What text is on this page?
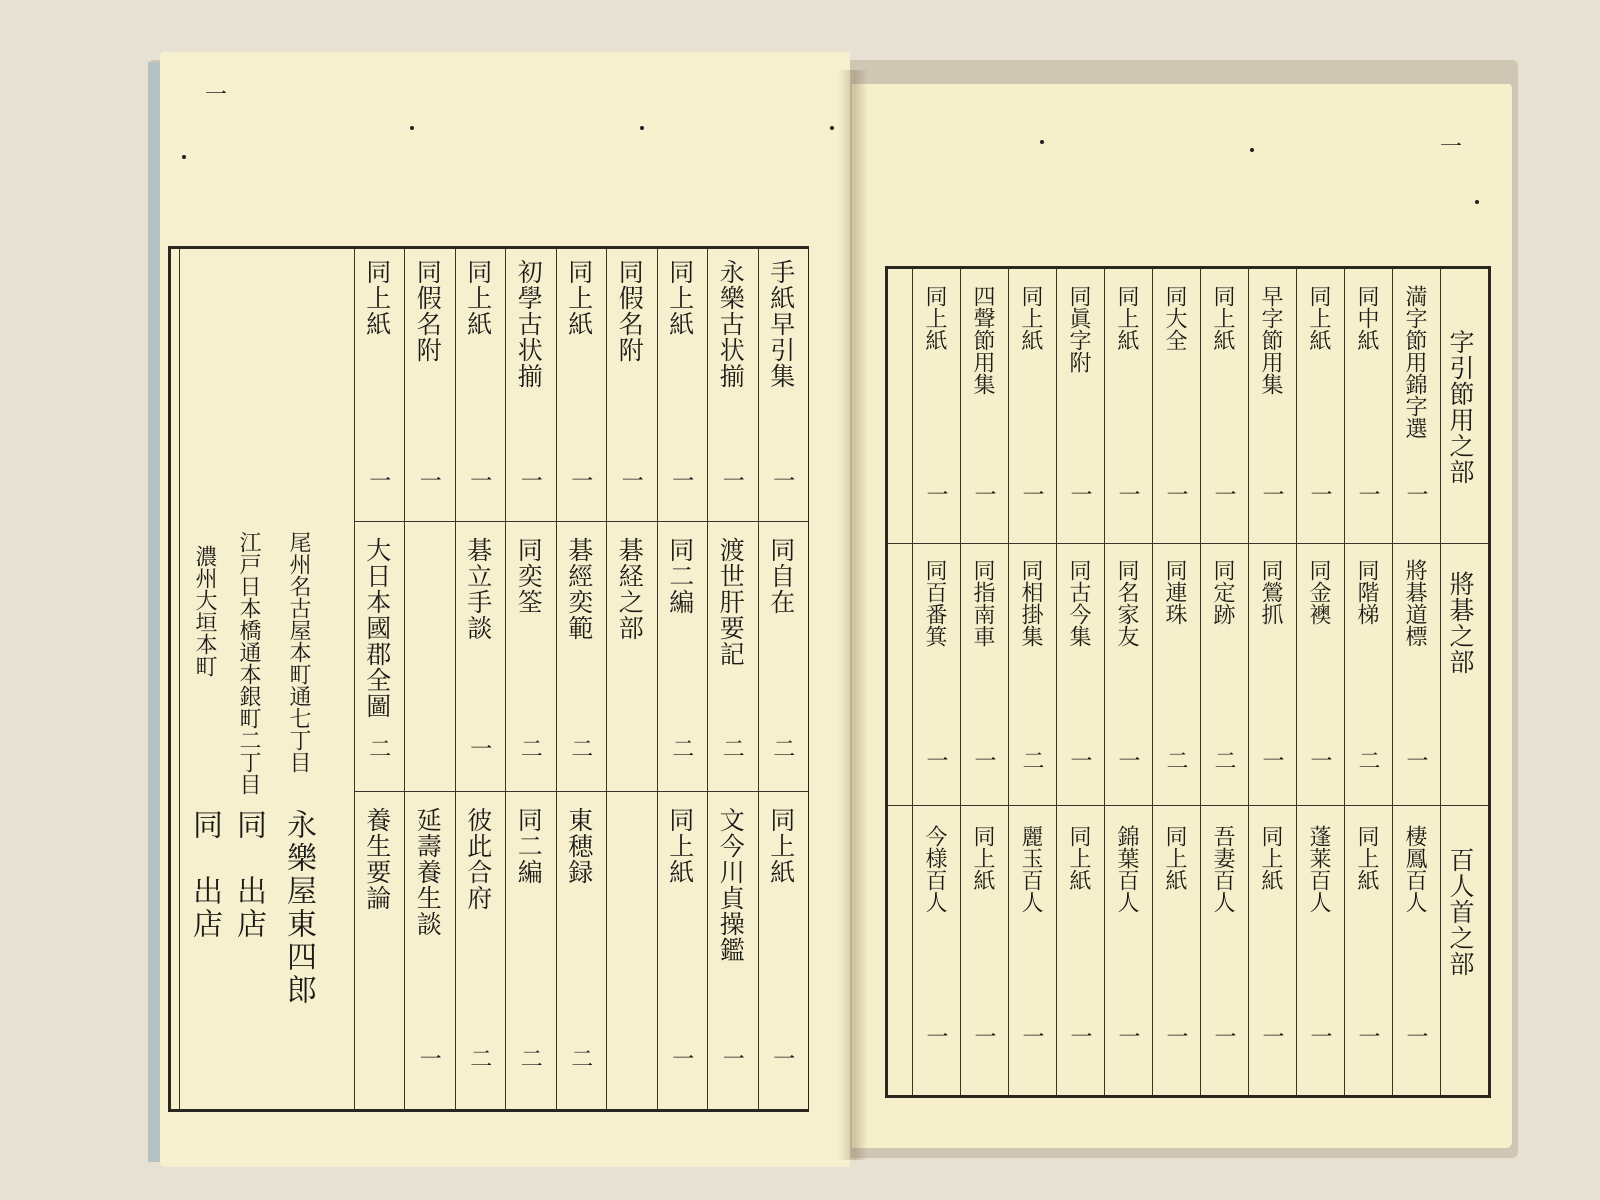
一
一
手紙早引集
一
永樂古状揃
一
同上紙
一
同假名附
一
同上紙
一
初學古状揃
一
同上紙
一
同假名附
一
同上紙
一
同自在
二
渡世肝要記
二
同二編
二
碁経之部
碁經奕範
二
同奕筌
二
碁立手談
一
大日本國郡全圖
二
同上紙
一
文今川貞操鑑
一
同上紙
一
東穂録
二
同二編
二
彼此合府
二
延壽養生談
一
養生要論
尾州名古屋本町通七丁目
永樂屋東四郎
江戸日本橋通本銀町二丁目
同　出店
濃州大垣本町
同　出店
字引節用之部
將碁之部
百人首之部
満字節用錦字選
一
同中紙
一
同上紙
一
早字節用集
一
同上紙
一
同大全
一
同上紙
一
同眞字附
一
同上紙
一
四聲節用集
一
同上紙
一
將碁道標
一
同階梯
二
同金襖
一
同鶯抓
一
同定跡
二
同連珠
二
同名家友
一
同古今集
一
同相掛集
二
同指南車
一
同百番箕
一
棲鳳百人
一
同上紙
一
蓬莱百人
一
同上紙
一
吾妻百人
一
同上紙
一
錦葉百人
一
同上紙
一
麗玉百人
一
同上紙
一
今様百人
一
